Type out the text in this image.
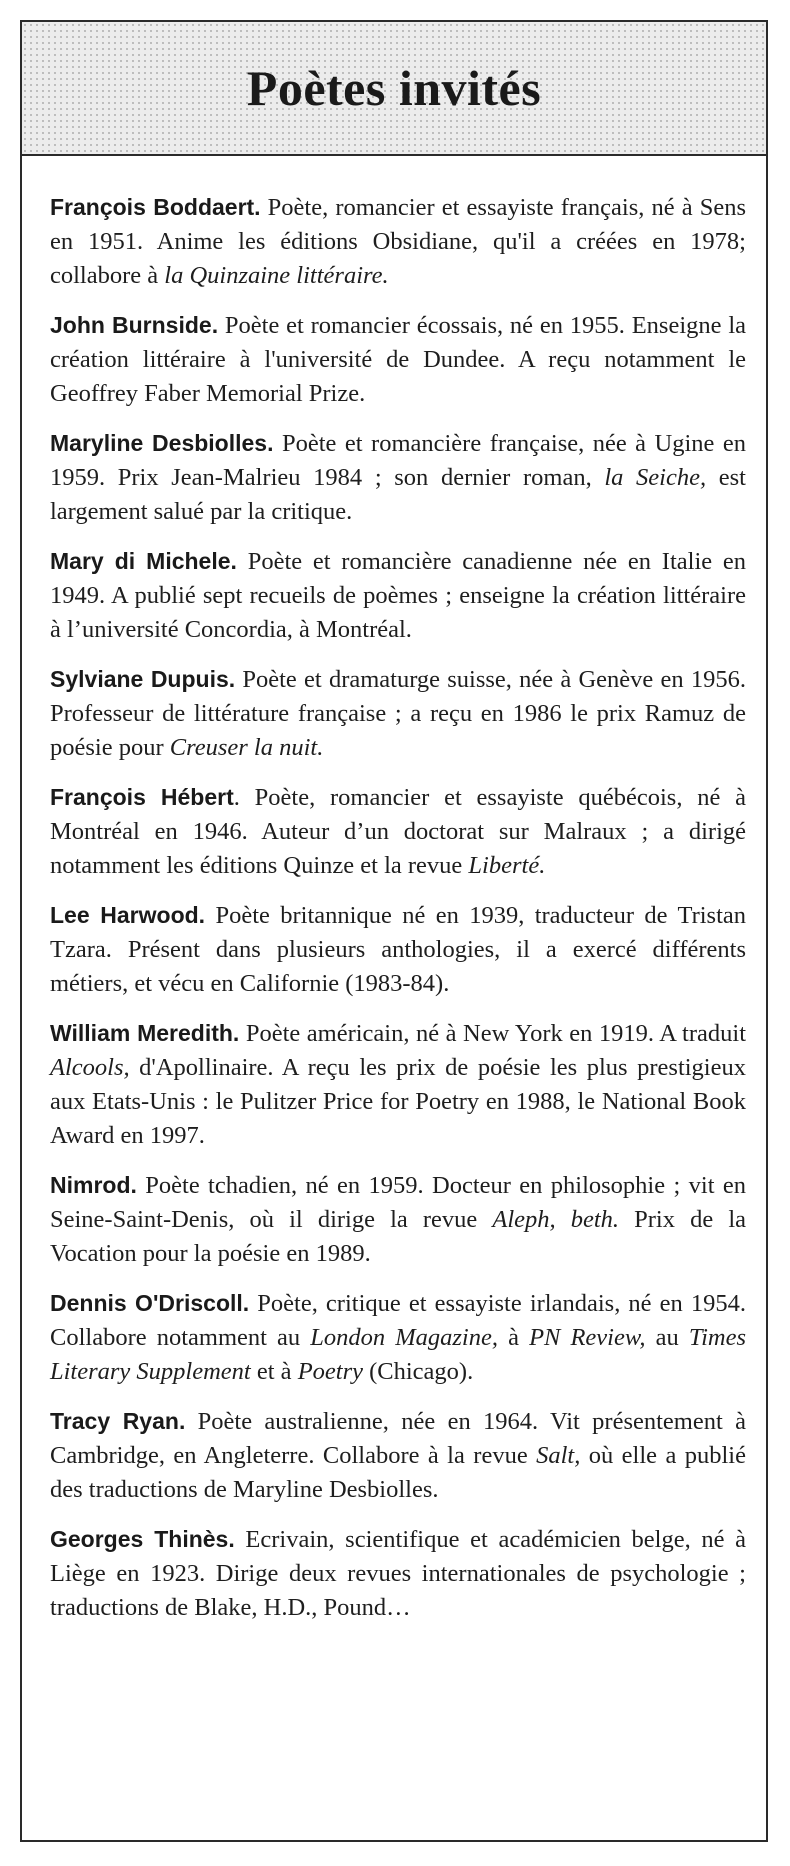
Poètes invités

François Boddaert. Poète, romancier et essayiste français, né à Sens en 1951. Anime les éditions Obsidiane, qu'il a créées en 1978; collabore à la Quinzaine littéraire.

John Burnside. Poète et romancier écossais, né en 1955. Enseigne la création littéraire à l'université de Dundee. A reçu notamment le Geoffrey Faber Memorial Prize.

Maryline Desbiolles. Poète et romancière française, née à Ugine en 1959. Prix Jean-Malrieu 1984 ; son dernier roman, la Seiche, est largement salué par la critique.

Mary di Michele. Poète et romancière canadienne née en Italie en 1949. A publié sept recueils de poèmes ; enseigne la création littéraire à l’université Concordia, à Montréal.

Sylviane Dupuis. Poète et dramaturge suisse, née à Genève en 1956. Professeur de littérature française ; a reçu en 1986 le prix Ramuz de poésie pour Creuser la nuit.

François Hébert. Poète, romancier et essayiste québécois, né à Montréal en 1946. Auteur d’un doctorat sur Malraux ; a dirigé notamment les éditions Quinze et la revue Liberté.

Lee Harwood. Poète britannique né en 1939, traducteur de Tristan Tzara. Présent dans plusieurs anthologies, il a exercé différents métiers, et vécu en Californie (1983-84).

William Meredith. Poète américain, né à New York en 1919. A traduit Alcools, d'Apollinaire. A reçu les prix de poésie les plus prestigieux aux Etats-Unis : le Pulitzer Price for Poetry en 1988, le National Book Award en 1997.

Nimrod. Poète tchadien, né en 1959. Docteur en philosophie ; vit en Seine-Saint-Denis, où il dirige la revue Aleph, beth. Prix de la Vocation pour la poésie en 1989.

Dennis O'Driscoll. Poète, critique et essayiste irlandais, né en 1954. Collabore notamment au London Magazine, à PN Review, au Times Literary Supplement et à Poetry (Chicago).

Tracy Ryan. Poète australienne, née en 1964. Vit présentement à Cambridge, en Angleterre. Collabore à la revue Salt, où elle a publié des traductions de Maryline Desbiolles.

Georges Thinès. Ecrivain, scientifique et académicien belge, né à Liège en 1923. Dirige deux revues internationales de psychologie ; traductions de Blake, H.D., Pound…
